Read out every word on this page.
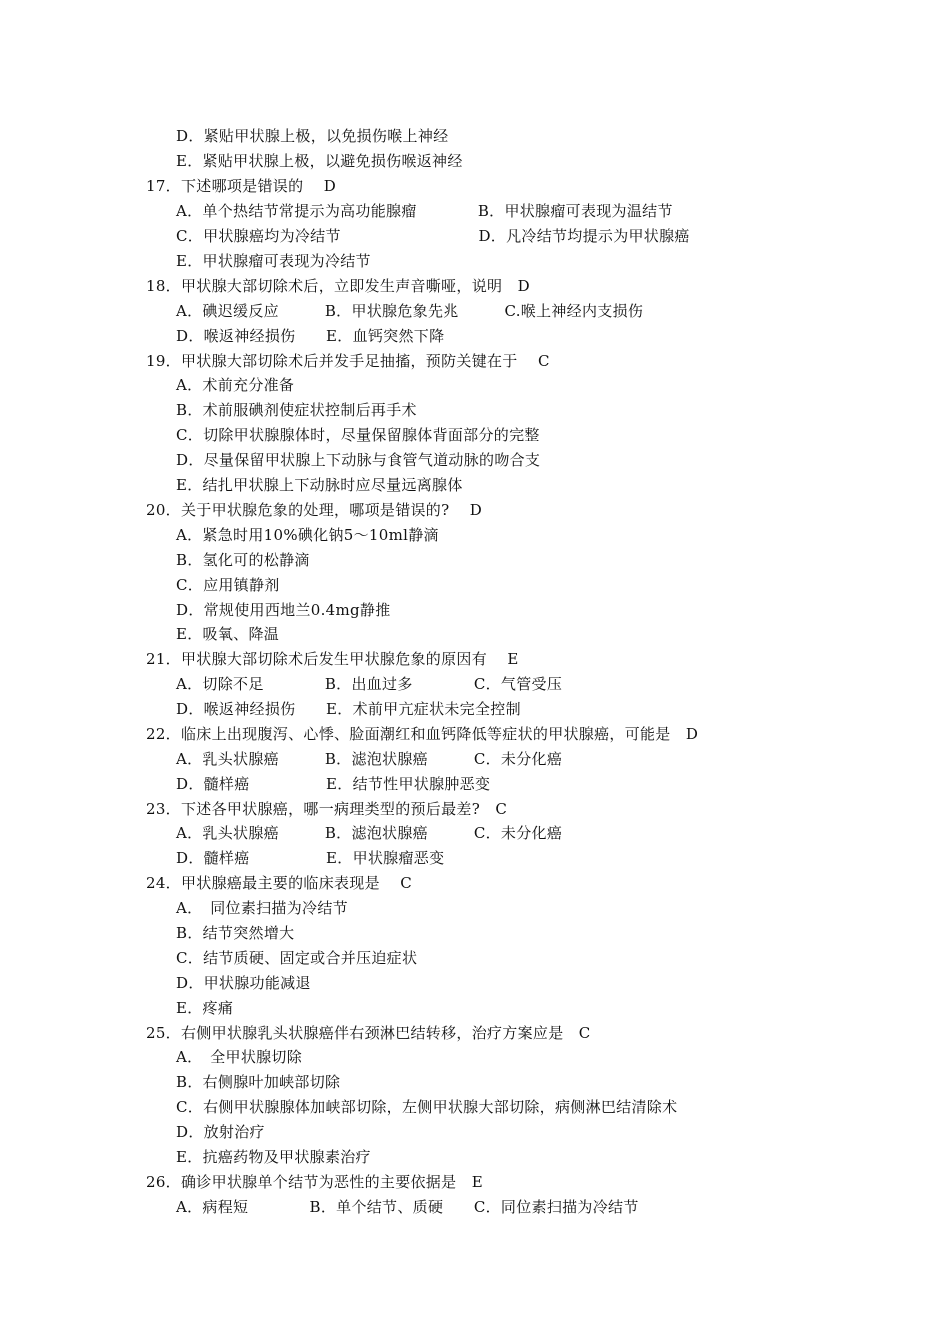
D．紧贴甲状腺上极，以免损伤喉上神经
E．紧贴甲状腺上极，以避免损伤喉返神经
17．下述哪项是错误的　 D
A．单个热结节常提示为高功能腺瘤　　　　B．甲状腺瘤可表现为温结节
C．甲状腺癌均为冷结节　　　　　　　　　D．凡冷结节均提示为甲状腺癌
E．甲状腺瘤可表现为冷结节
18．甲状腺大部切除术后，立即发生声音嘶哑，说明　D
A．碘迟缓反应　　　B．甲状腺危象先兆　　　C.喉上神经内支损伤
D．喉返神经损伤　　E．血钙突然下降
19．甲状腺大部切除术后并发手足抽搐，预防关键在于　 C
A．术前充分准备
B．术前服碘剂使症状控制后再手术
C．切除甲状腺腺体时，尽量保留腺体背面部分的完整
D．尽量保留甲状腺上下动脉与食管气道动脉的吻合支
E．结扎甲状腺上下动脉时应尽量远离腺体
20．关于甲状腺危象的处理，哪项是错误的?　 D
A．紧急时用10%碘化钠5～10ml静滴
B．氢化可的松静滴
C．应用镇静剂
D．常规使用西地兰0.4mg静推
E．吸氧、降温
21．甲状腺大部切除术后发生甲状腺危象的原因有　 E
A．切除不足　　　　B．出血过多　　　　C．气管受压
D．喉返神经损伤　　E．术前甲亢症状未完全控制
22．临床上出现腹泻、心悸、脸面潮红和血钙降低等症状的甲状腺癌，可能是　D
A．乳头状腺癌　　　B．滤泡状腺癌　　　C．未分化癌
D．髓样癌　　　　　E．结节性甲状腺肿恶变
23．下述各甲状腺癌，哪一病理类型的预后最差?　C
A．乳头状腺癌　　　B．滤泡状腺癌　　　C．未分化癌
D．髓样癌　　　　　E．甲状腺瘤恶变
24．甲状腺癌最主要的临床表现是　 C
A．　同位素扫描为冷结节
B．结节突然增大
C．结节质硬、固定或合并压迫症状
D．甲状腺功能减退
E．疼痛
25．右侧甲状腺乳头状腺癌伴右颈淋巴结转移，治疗方案应是　C
A．　全甲状腺切除
B．右侧腺叶加峡部切除
C．右侧甲状腺腺体加峡部切除，左侧甲状腺大部切除，病侧淋巴结清除术
D．放射治疗
E．抗癌药物及甲状腺素治疗
26．确诊甲状腺单个结节为恶性的主要依据是　E
A．病程短　　　　B．单个结节、质硬　　C．同位素扫描为冷结节
